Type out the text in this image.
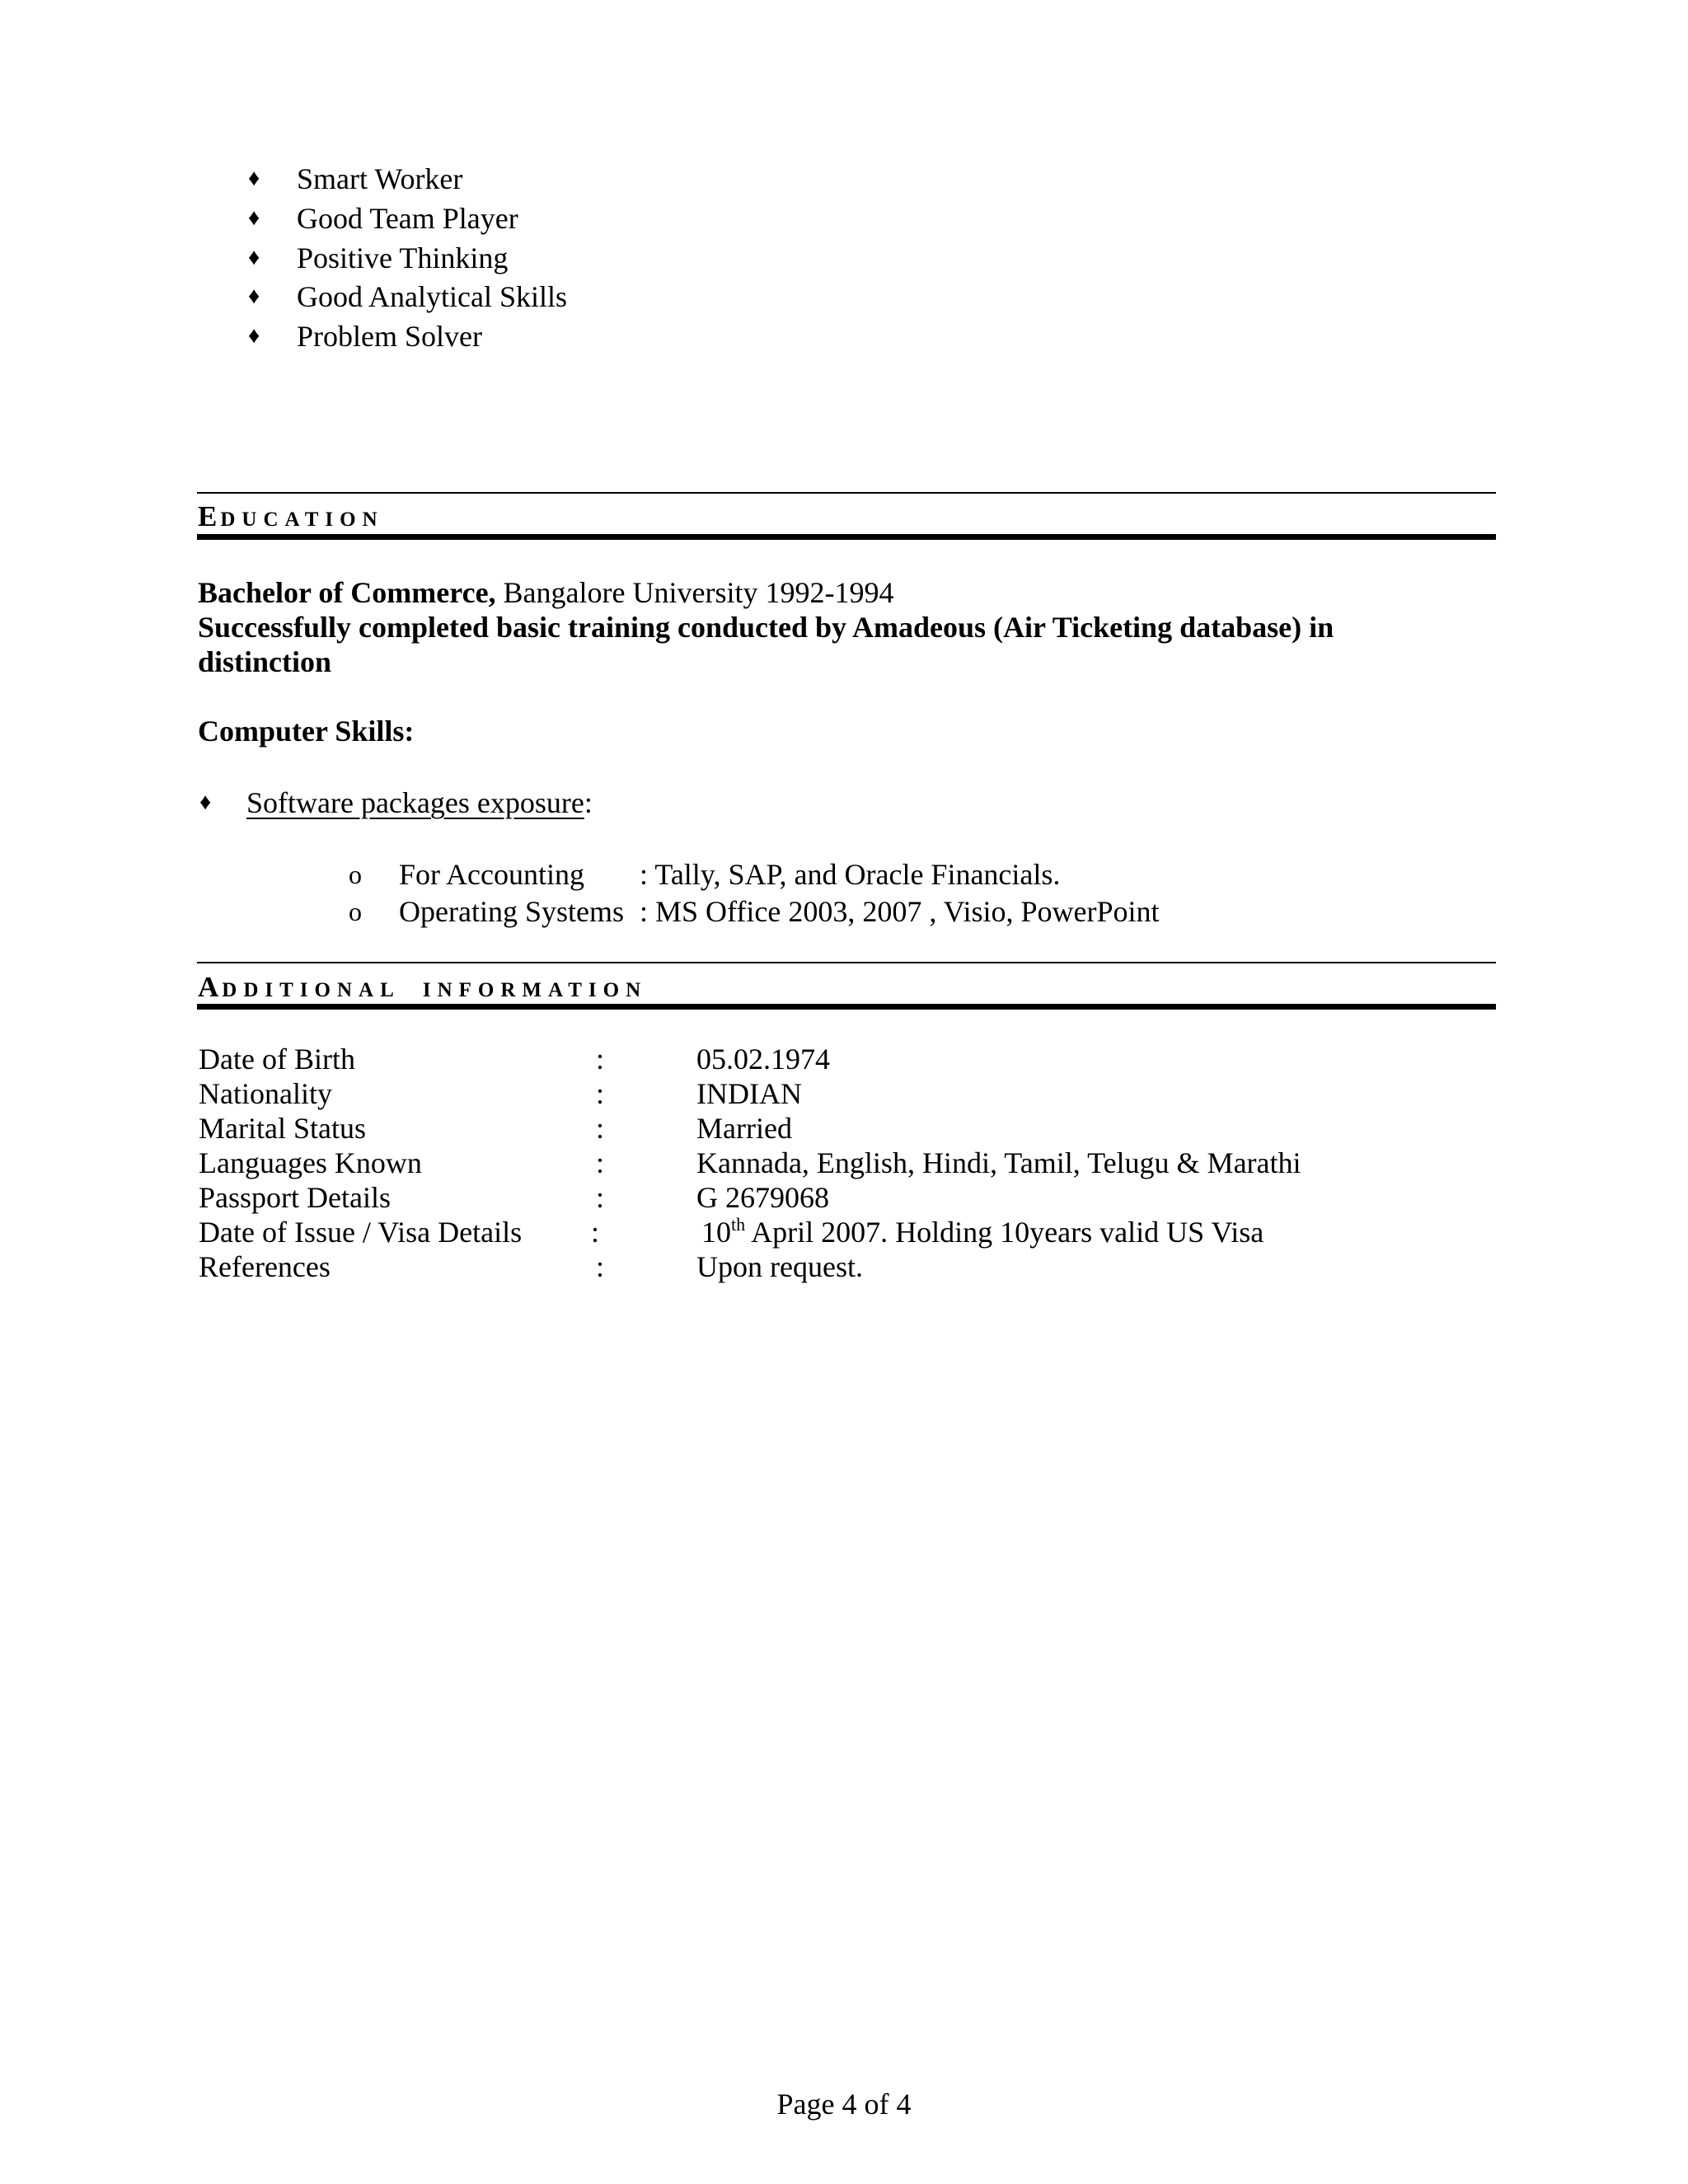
♦ Smart Worker
♦ Good Team Player
♦ Positive Thinking
♦ Good Analytical Skills
♦ Problem Solver
EDUCATION
Bachelor of Commerce, Bangalore University 1992-1994
Successfully completed basic training conducted by Amadeous (Air Ticketing database) in
distinction
Computer Skills:
♦ Software packages exposure:
o For Accounting : Tally, SAP, and Oracle Financials.
o Operating Systems : MS Office 2003, 2007 , Visio, PowerPoint
ADDITIONAL  INFORMATION
Date of Birth	:	05.02.1974
Nationality	:	INDIAN
Marital Status	:	Married
Languages Known	:	Kannada, English, Hindi, Tamil, Telugu & Marathi
Passport Details	:	G 2679068
Date of Issue / Visa Details :	10th April 2007. Holding 10years valid US Visa
References	:	Upon request.
Page 4 of 4
